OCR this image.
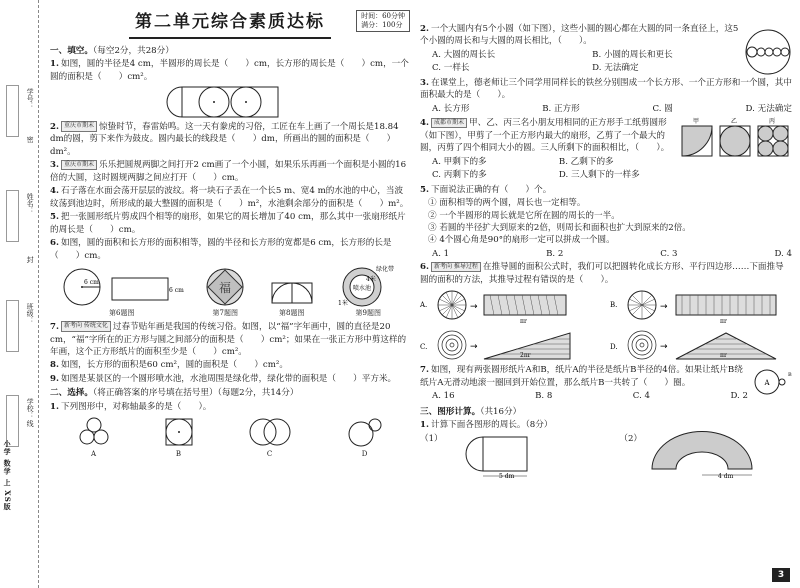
小学 数学 上 XS版
学号：
姓名：
班级：
学校：
密
封
线
第二单元综合素质达标	时间：60分钟
满分：100分
一、填空。（每空2分，共28分）
1. 如图，圆的半径是4 cm，半圆形的周长是（　　）cm，长方形的周长是（　　）cm，一个圆的面积是（　　）cm²。
2. 重庆市期末 惊蛰时节，春雷始鸣。这一天有豢虎的习俗，工匠在车上画了一个周长是18.84 dm的圆，剪下来作为鼓皮。圆内最长的线段是（　　）dm，所画出的圆的面积是（　　）dm²。
3. 重庆市期末 乐乐把圆规两脚之间打开2 cm画了一个小圆，如果乐乐再画一个面积是小圆的16倍的大圆，这时圆规两脚之间应打开（　　）cm。
4. 石子落在水面会荡开层层的波纹。将一块石子丢在一个长5 m、宽4 m的水池的中心，当波纹荡到池边时，所形成的最大整圆的面积是（　　）m²，水池剩余部分的面积是（　　）m²。
5. 把一张圆形纸片剪成四个相等的扇形，如果它的周长增加了40 cm，那么其中一张扇形纸片的周长是（　　）cm。
6. 如图，圆的面积和长方形的面积相等，圆的半径和长方形的宽都是6 cm，长方形的长是（　　）cm。
6 cm
6 cm
第6题图
福
第7题图	第8题图
喷水池
4米
1米
绿化带
第9题图
7. 新考向 传统文化 过春节贴年画是我国的传统习俗。如图，以“福”字年画中，圆的直径是20 cm，“福”字所在的正方形与圆之间部分的面积是（　　）cm²；如果在一张正方形中剪这样的年画，这个正方形纸片的面积至少是（　　）cm²。
8. 如图，长方形的面积是60 cm²，圆的面积是（　　）cm²。
9. 如图是某景区的一个圆形喷水池，水池周围是绿化带，绿化带的面积是（　　）平方米。
二、选择。（将正确答案的序号填在括号里）（每题2分，共14分）
1. 下列图形中，对称轴最多的是（　　）。
A	B	C	D
2. 一个大圆内有5个小圆（如下图），这些小圆的圆心都在大圆的同一条直径上，这5个小圆的周长和与大圆的周长相比，（　　）。
A. 大圆的周长长	B. 小圆的周长和更长
C. 一样长	D. 无法确定
3. 在课堂上，德老师让三个同学用同样长的铁丝分别围成一个长方形、一个正方形和一个圆，其中面积最大的是（　　）。
A. 长方形	B. 正方形	C. 圆	D. 无法确定
4. 成都市期末 甲、乙、丙三名小朋友用相同的正方形手工纸剪圆形（如下图），甲剪了一个正方形内最大的扇形，乙剪了一个最大的圆，丙剪了四个相同大小的圆。三人所剩下的面积相比，（　　）。
A. 甲剩下的多	B. 乙剩下的多
C. 丙剩下的多	D. 三人剩下的一样多
甲	乙	丙
5. 下面说法正确的有（　　）个。
① 面积相等的两个圆，周长也一定相等。
② 一个半圆形的周长就是它所在圆的周长的一半。
③ 若圆的半径扩大到原来的2倍，则周长和面积也扩大到原来的2倍。
④ 4个圆心角是90°的扇形一定可以拼成一个圆。
A. 1	B. 2	C. 3	D. 4
6. 新考向 推导过程 在推导圆的面积公式时，我们可以把圆转化成长方形、平行四边形……下面推导圆的面积的方法，其推导过程有错误的是（　　）。
A.	→
πr
B.	→
πr
C.	→
2πr
D.	→
πr
7. 如图，现有两张圆形纸片A和B，纸片A的半径是纸片B半径的4倍。如果让纸片B绕纸片A无滑动地滚一圈回到开始位置，那么纸片B一共转了（　　）圈。
A. 16	B. 8	C. 4	D. 2
A
B
三、图形计算。（共16分）
1. 计算下面各图形的周长。（8分）
（1）
5 dm
（2）
4 dm
3
